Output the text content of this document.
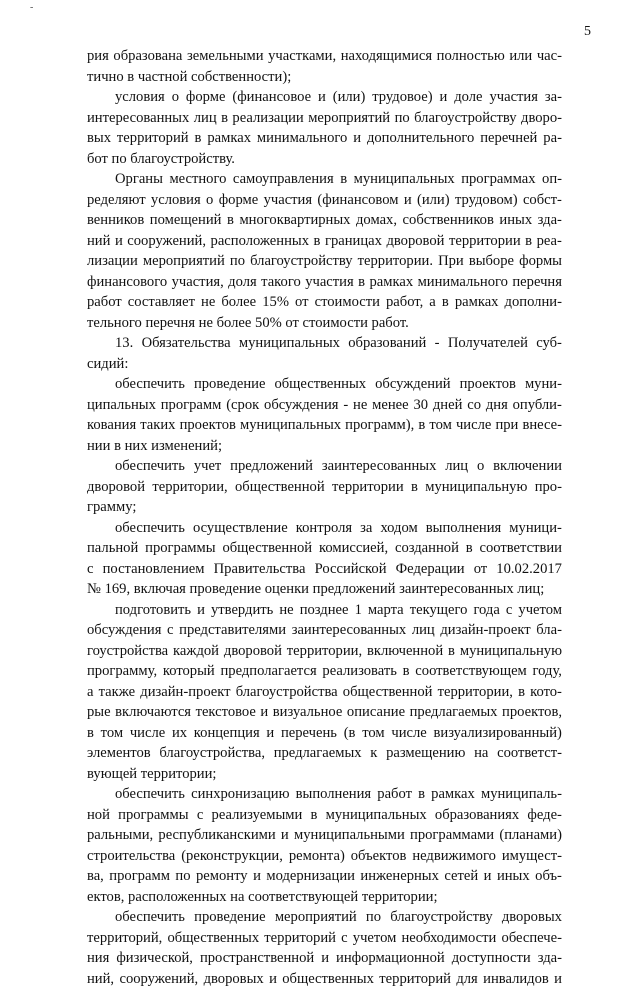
-
5
рия образована земельными участками, находящимися полностью или час-
тично в частной собственности);
условия о форме (финансовое и (или) трудовое) и доле участия за-
интересованных лиц в реализации мероприятий по благоустройству дворо-
вых территорий в рамках минимального и дополнительного перечней ра-
бот по благоустройству.
Органы местного самоуправления в муниципальных программах оп-
ределяют условия о форме участия (финансовом и (или) трудовом) собст-
венников помещений в многоквартирных домах, собственников иных зда-
ний и сооружений, расположенных в границах дворовой территории в реа-
лизации мероприятий по благоустройству территории. При выборе формы
финансового участия, доля такого участия в рамках минимального перечня
работ составляет не более 15% от стоимости работ, а в рамках дополни-
тельного перечня не более 50% от стоимости работ.
13. Обязательства муниципальных образований - Получателей суб-
сидий:
обеспечить проведение общественных обсуждений проектов муни-
ципальных программ (срок обсуждения - не менее 30 дней со дня опубли-
кования таких проектов муниципальных программ), в том числе при внесе-
нии в них изменений;
обеспечить учет предложений заинтересованных лиц о включении
дворовой территории, общественной территории в муниципальную про-
грамму;
обеспечить осуществление контроля за ходом выполнения муници-
пальной программы общественной комиссией, созданной в соответствии
с постановлением Правительства Российской Федерации от 10.02.2017
№ 169, включая проведение оценки предложений заинтересованных лиц;
подготовить и утвердить не позднее 1 марта текущего года с учетом
обсуждения с представителями заинтересованных лиц дизайн-проект бла-
гоустройства каждой дворовой территории, включенной в муниципальную
программу, который предполагается реализовать в соответствующем году,
а также дизайн-проект благоустройства общественной территории, в кото-
рые включаются текстовое и визуальное описание предлагаемых проектов,
в том числе их концепция и перечень (в том числе визуализированный)
элементов благоустройства, предлагаемых к размещению на соответст-
вующей территории;
обеспечить синхронизацию выполнения работ в рамках муниципаль-
ной программы с реализуемыми в муниципальных образованиях феде-
ральными, республиканскими и муниципальными программами (планами)
строительства (реконструкции, ремонта) объектов недвижимого имущест-
ва, программ по ремонту и модернизации инженерных сетей и иных объ-
ектов, расположенных на соответствующей территории;
обеспечить проведение мероприятий по благоустройству дворовых
территорий, общественных территорий с учетом необходимости обеспече-
ния физической, пространственной и информационной доступности зда-
ний, сооружений, дворовых и общественных территорий для инвалидов и
